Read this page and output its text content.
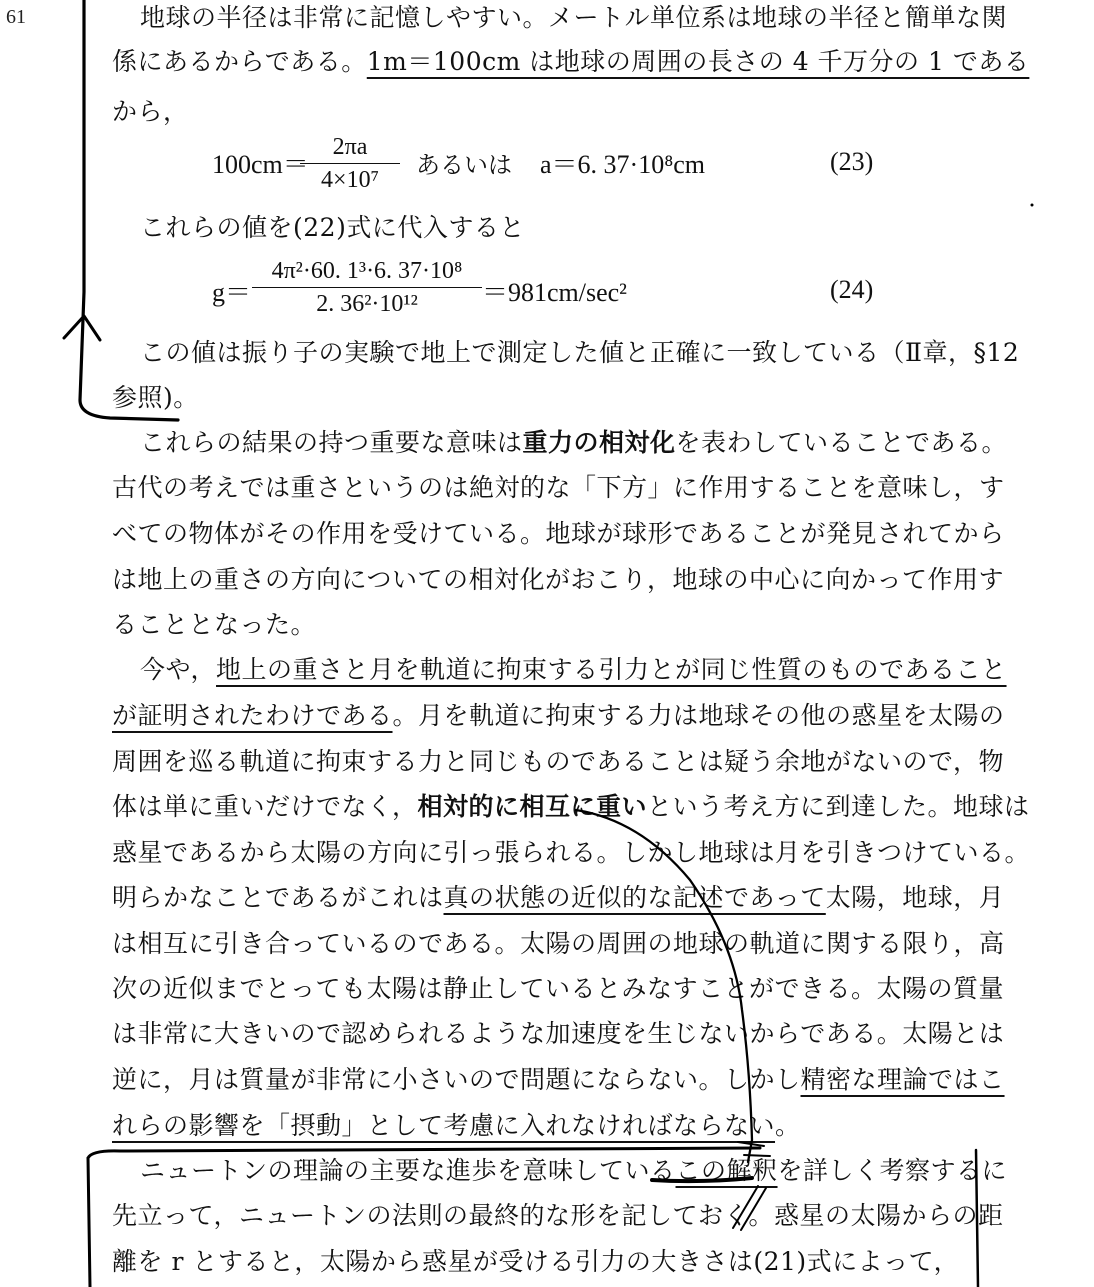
61	地球の半径は非常に記憶しやすい。メートル単位系は地球の半径と簡単な関
係にあるからである。1m＝100cm は地球の周囲の長さの 4 千万分の 1 である
から，
100cm＝
2πa
4×10⁷
あるいは a＝6. 37·10⁸cm	(23)
これらの値を(22)式に代入すると
g＝
4π²·60. 1³·6. 37·10⁸
2. 36²·10¹²	＝981cm/sec²	(24)
この値は振り子の実験で地上で測定した値と正確に一致している（Ⅱ章，§12
参照)。
これらの結果の持つ重要な意味は重力の相対化を表わしていることである。
古代の考えでは重さというのは絶対的な「下方」に作用することを意味し，す
べての物体がその作用を受けている。地球が球形であることが発見されてから
は地上の重さの方向についての相対化がおこり，地球の中心に向かって作用す
ることとなった。
今や，地上の重さと月を軌道に拘束する引力とが同じ性質のものであること
が証明されたわけである。月を軌道に拘束する力は地球その他の惑星を太陽の
周囲を巡る軌道に拘束する力と同じものであることは疑う余地がないので，物
体は単に重いだけでなく，相対的に相互に重いという考え方に到達した。地球は
惑星であるから太陽の方向に引っ張られる。しかし地球は月を引きつけている。
明らかなことであるがこれは真の状態の近似的な記述であって太陽，地球，月
は相互に引き合っているのである。太陽の周囲の地球の軌道に関する限り，高
次の近似までとっても太陽は静止しているとみなすことができる。太陽の質量
は非常に大きいので認められるような加速度を生じないからである。太陽とは
逆に，月は質量が非常に小さいので問題にならない。しかし精密な理論ではこ
れらの影響を「摂動」として考慮に入れなければならない。
ニュートンの理論の主要な進歩を意味しているこの解釈を詳しく考察するに
先立って，ニュートンの法則の最終的な形を記しておく。惑星の太陽からの距
離を r とすると，太陽から惑星が受ける引力の大きさは(21)式によって，
